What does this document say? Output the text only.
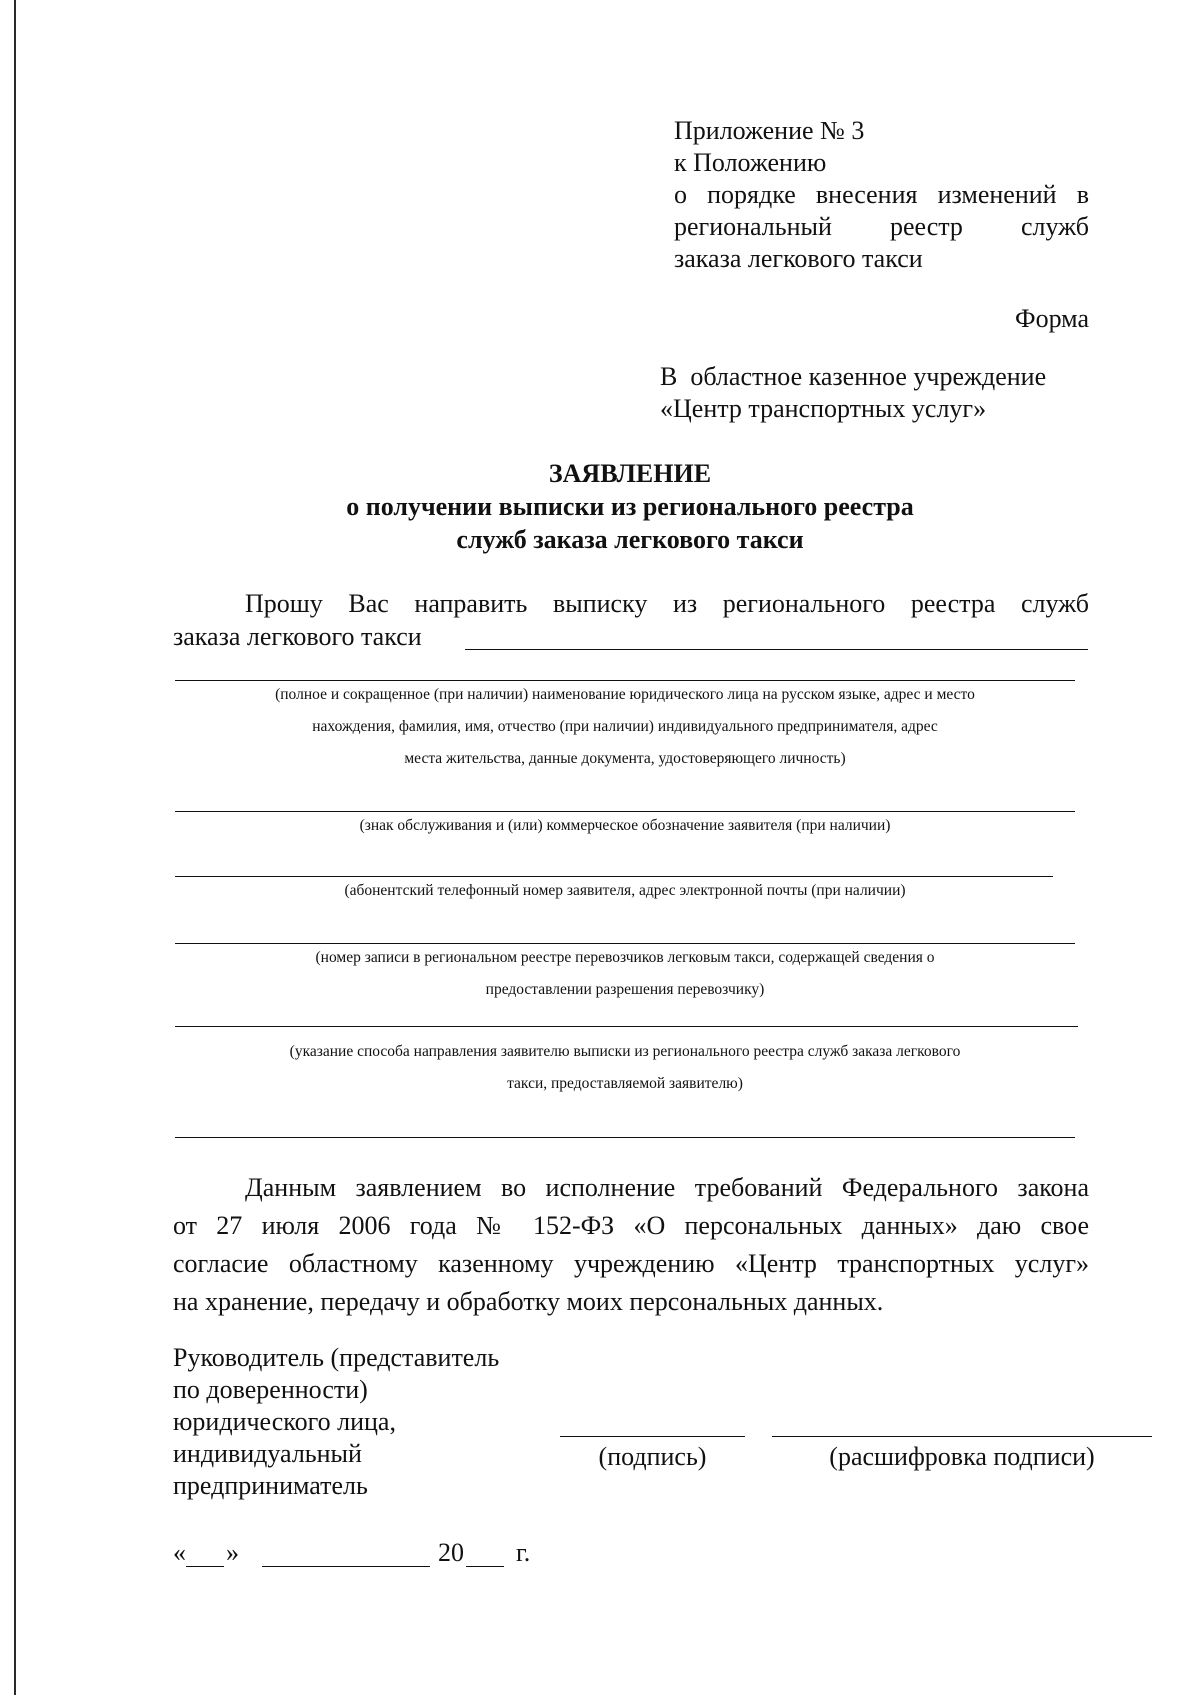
Приложение № 3
к Положению
о порядке внесения изменений в
региональный реестр служб
заказа легкового такси
Форма
В  областное казенное учреждение
«Центр транспортных услуг»
ЗАЯВЛЕНИЕ
о получении выписки из регионального реестра
служб заказа легкового такси
Прошу Вас направить выписку из регионального реестра служб
заказа легкового такси
(полное и сокращенное (при наличии) наименование юридического лица на русском языке, адрес и место
нахождения, фамилия, имя, отчество (при наличии) индивидуального предпринимателя, адрес
места жительства, данные документа, удостоверяющего личность)
(знак обслуживания и (или) коммерческое обозначение заявителя (при наличии)
(абонентский телефонный номер заявителя, адрес электронной почты (при наличии)
(номер записи в региональном реестре перевозчиков легковым такси, содержащей сведения о
предоставлении разрешения перевозчику)
(указание способа направления заявителю выписки из регионального реестра служб заказа легкового
такси, предоставляемой заявителю)
Данным заявлением во исполнение требований Федерального закона
от 27 июля 2006 года № 152-ФЗ «О персональных данных» даю свое
согласие областному казенному учреждению «Центр транспортных услуг»
на хранение, передачу и обработку моих персональных данных.
Руководитель (представитель
по доверенности)
юридического лица,
индивидуальный
предприниматель
(подпись)	(расшифровка подписи)
« »	20 г.
